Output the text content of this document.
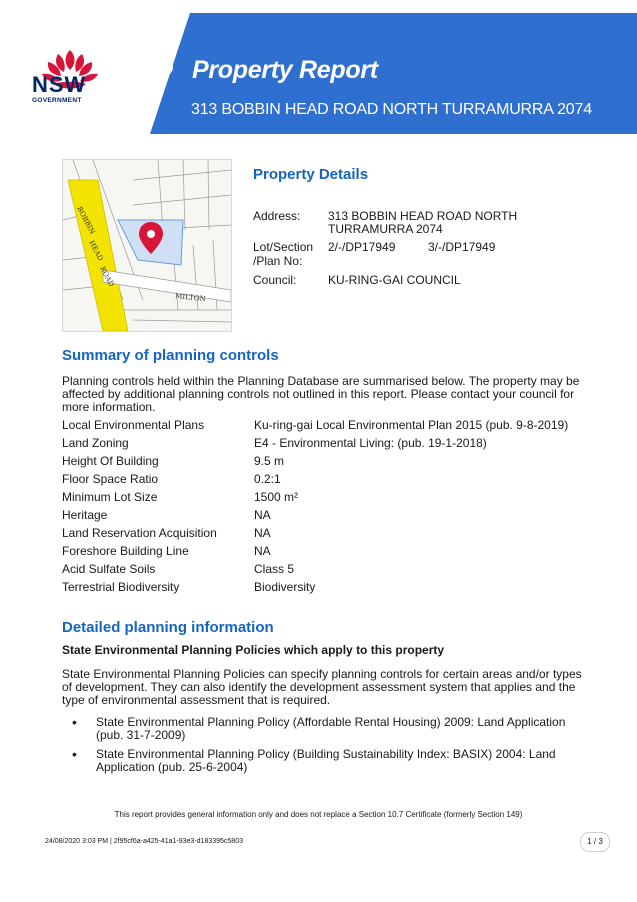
NSW
GOVERNMENT
Property Report
313 BOBBIN HEAD ROAD NORTH TURRAMURRA 2074
BOBBIN
HEAD
ROAD
MILTON
Property Details
Address: 313 BOBBIN HEAD ROAD NORTH
TURRAMURRA 2074
Lot/Section
/Plan No:
2/-/DP17949	3/-/DP17949
Council:	KU-RING-GAI COUNCIL
Summary of planning controls
Planning controls held within the Planning Database are summarised below. The property may be affected by additional planning controls not outlined in this report. Please contact your council for more information.
Local Environmental Plans	Ku-ring-gai Local Environmental Plan 2015 (pub. 9-8-2019)
Land Zoning	E4 - Environmental Living: (pub. 19-1-2018)
Height Of Building	9.5 m
Floor Space Ratio	0.2:1
Minimum Lot Size	1500 m²
Heritage	NA
Land Reservation Acquisition	NA
Foreshore Building Line	NA
Acid Sulfate Soils	Class 5
Terrestrial Biodiversity	Biodiversity
Detailed planning information
State Environmental Planning Policies which apply to this property
State Environmental Planning Policies can specify planning controls for certain areas and/or types of development. They can also identify the development assessment system that applies and the type of environmental assessment that is required.
• State Environmental Planning Policy (Affordable Rental Housing) 2009: Land Application (pub. 31-7-2009)
• State Environmental Planning Policy (Building Sustainability Index: BASIX) 2004: Land Application (pub. 25-6-2004)
This report provides general information only and does not replace a Section 10.7 Certificate (formerly Section 149)
24/08/2020 3:03 PM | 2f95cf6a-a425-41a1-93e3-d183395c5803	1 / 3
